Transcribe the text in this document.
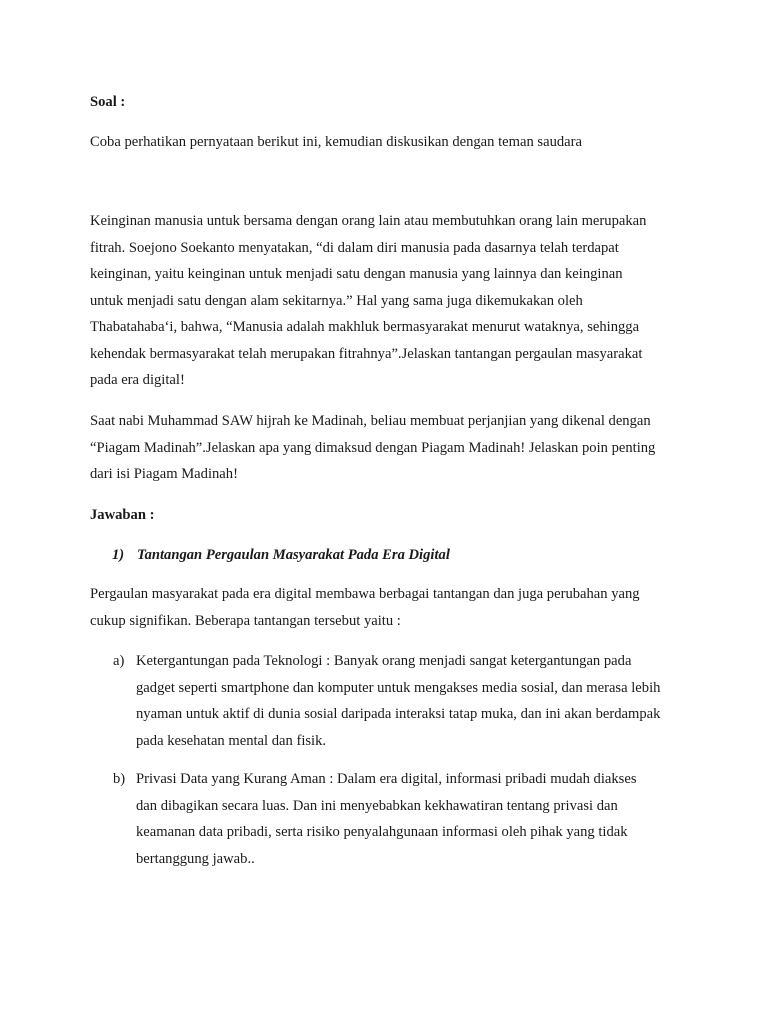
Soal :

Coba perhatikan pernyataan berikut ini, kemudian diskusikan dengan teman saudara

Keinginan manusia untuk bersama dengan orang lain atau membutuhkan orang lain merupakan
fitrah. Soejono Soekanto menyatakan, “di dalam diri manusia pada dasarnya telah terdapat
keinginan, yaitu keinginan untuk menjadi satu dengan manusia yang lainnya dan keinginan
untuk menjadi satu dengan alam sekitarnya.” Hal yang sama juga dikemukakan oleh
Thabatahaba‘i, bahwa, “Manusia adalah makhluk bermasyarakat menurut wataknya, sehingga
kehendak bermasyarakat telah merupakan fitrahnya”.Jelaskan tantangan pergaulan masyarakat
pada era digital!
Saat nabi Muhammad SAW hijrah ke Madinah, beliau membuat perjanjian yang dikenal dengan
“Piagam Madinah”.Jelaskan apa yang dimaksud dengan Piagam Madinah! Jelaskan poin penting
dari isi Piagam Madinah!

Jawaban :

1) Tantangan Pergaulan Masyarakat Pada Era Digital
Pergaulan masyarakat pada era digital membawa berbagai tantangan dan juga perubahan yang
cukup signifikan. Beberapa tantangan tersebut yaitu :
a) Ketergantungan pada Teknologi : Banyak orang menjadi sangat ketergantungan pada
gadget seperti smartphone dan komputer untuk mengakses media sosial, dan merasa lebih
nyaman untuk aktif di dunia sosial daripada interaksi tatap muka, dan ini akan berdampak
pada kesehatan mental dan fisik.
b) Privasi Data yang Kurang Aman : Dalam era digital, informasi pribadi mudah diakses
dan dibagikan secara luas. Dan ini menyebabkan kekhawatiran tentang privasi dan
keamanan data pribadi, serta risiko penyalahgunaan informasi oleh pihak yang tidak
bertanggung jawab..
